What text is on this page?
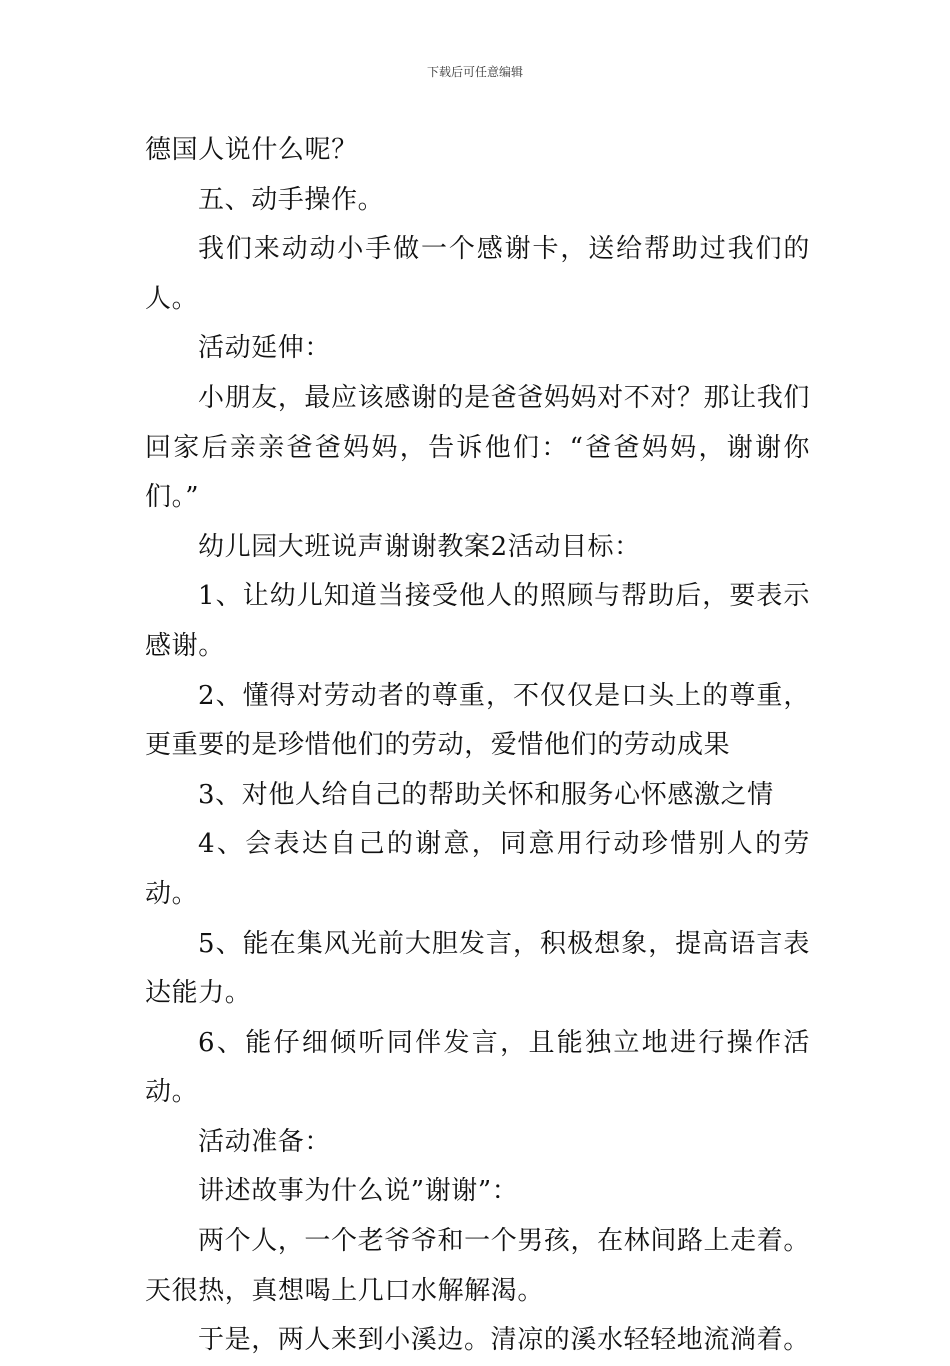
下载后可任意编辑

德国人说什么呢？

五、动手操作。

我们来动动小手做一个感谢卡，送给帮助过我们的人。

活动延伸：

小朋友，最应该感谢的是爸爸妈妈对不对？那让我们回家后亲亲爸爸妈妈，告诉他们：“爸爸妈妈，谢谢你们。”

幼儿园大班说声谢谢教案2活动目标：

1、让幼儿知道当接受他人的照顾与帮助后，要表示感谢。

2、懂得对劳动者的尊重，不仅仅是口头上的尊重，更重要的是珍惜他们的劳动，爱惜他们的劳动成果

3、对他人给自己的帮助关怀和服务心怀感激之情

4、会表达自己的谢意，同意用行动珍惜别人的劳动。

5、能在集风光前大胆发言，积极想象，提高语言表达能力。

6、能仔细倾听同伴发言，且能独立地进行操作活动。

活动准备：

讲述故事为什么说”谢谢”：

两个人，一个老爷爷和一个男孩，在林间路上走着。天很热，真想喝上几口水解解渴。

于是，两人来到小溪边。清凉的溪水轻轻地流淌着。
